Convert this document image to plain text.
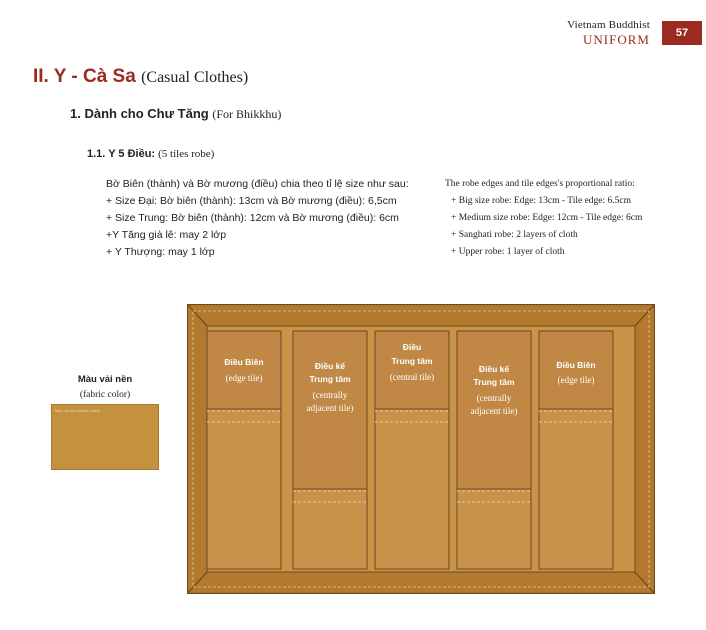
Vietnam Buddhist
UNIFORM	57
II. Y - Cà Sa (Casual Clothes)
1. Dành cho Chư Tăng (For Bhikkhu)
1.1. Y 5 Điều: (5 tiles robe)
Bờ Biên (thành) và Bờ mương (điều) chia theo tỉ lệ size như sau:
+ Size Đại: Bờ biên (thành): 13cm và Bờ mương (điều): 6,5cm
+ Size Trung: Bờ biên (thành): 12cm và Bờ mương (điều): 6cm
+Y Tăng già lê: may 2 lớp
+ Y Thượng: may 1 lớp
The robe edges and tile edges's proportional ratio:
+ Big size robe: Edge: 13cm - Tile edge: 6.5cm
+ Medium size robe: Edge: 12cm - Tile edge: 6cm
+ Sanghati robe: 2 layers of cloth
+ Upper robe: 1 layer of cloth
Màu vải nền
(fabric color)
Màu vải nền (fabric color)
Điều Biên
(edge tile)
Điều kế
Trung tâm
(centrally
adjacent tile)
Điều
Trung tâm
(central tile)
Điều kế
Trung tâm
(centrally
adjacent tile)
Điều Biên
(edge tile)
